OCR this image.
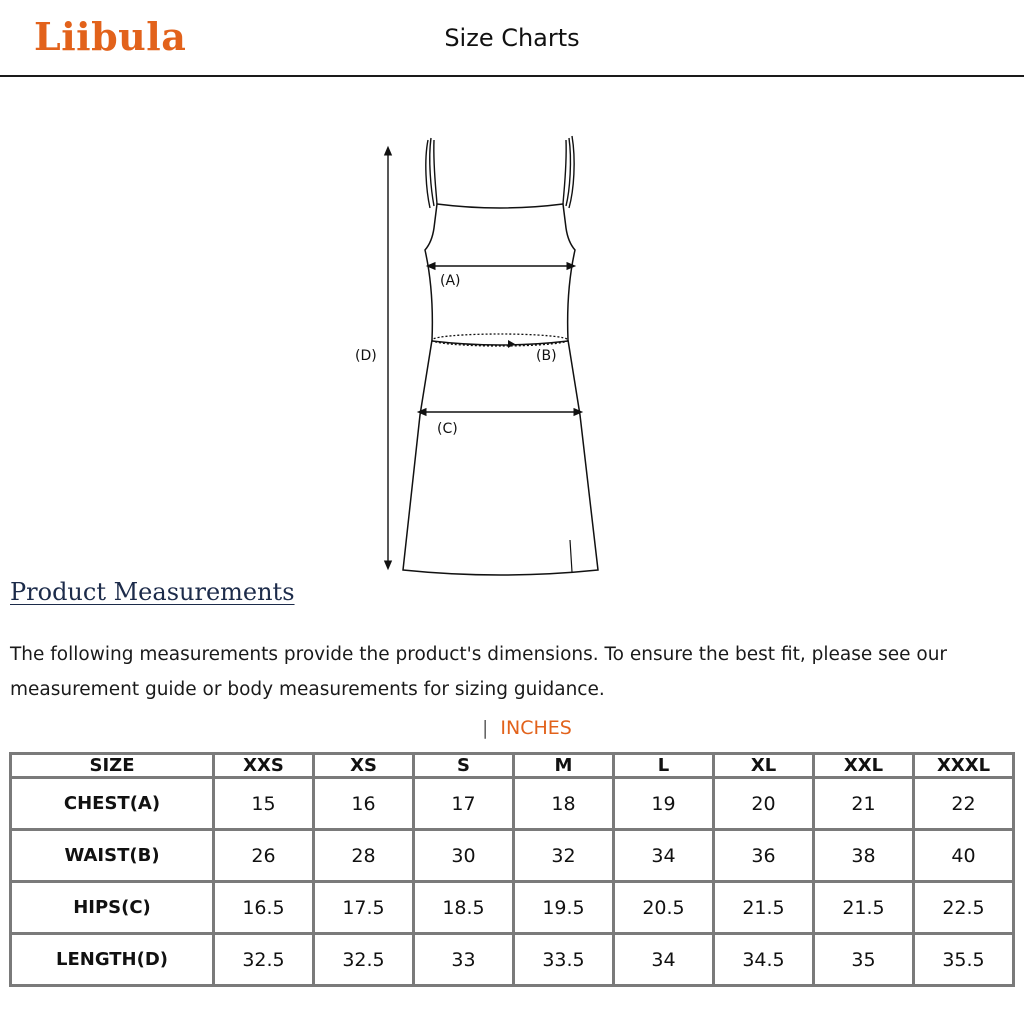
Liibula	Size Charts
(A)
(B)
(C)
(D)
Product Measurements
The following measurements provide the product's dimensions. To ensure the best fit, please see our measurement guide or body measurements for sizing guidance.
| INCHES
SIZE	XXS	XS	S	M	L	XL	XXL	XXXL
CHEST(A)	15	16	17	18	19	20	21	22
WAIST(B)	26	28	30	32	34	36	38	40
HIPS(C)	16.5	17.5	18.5	19.5	20.5	21.5	21.5	22.5
LENGTH(D)	32.5	32.5	33	33.5	34	34.5	35	35.5
